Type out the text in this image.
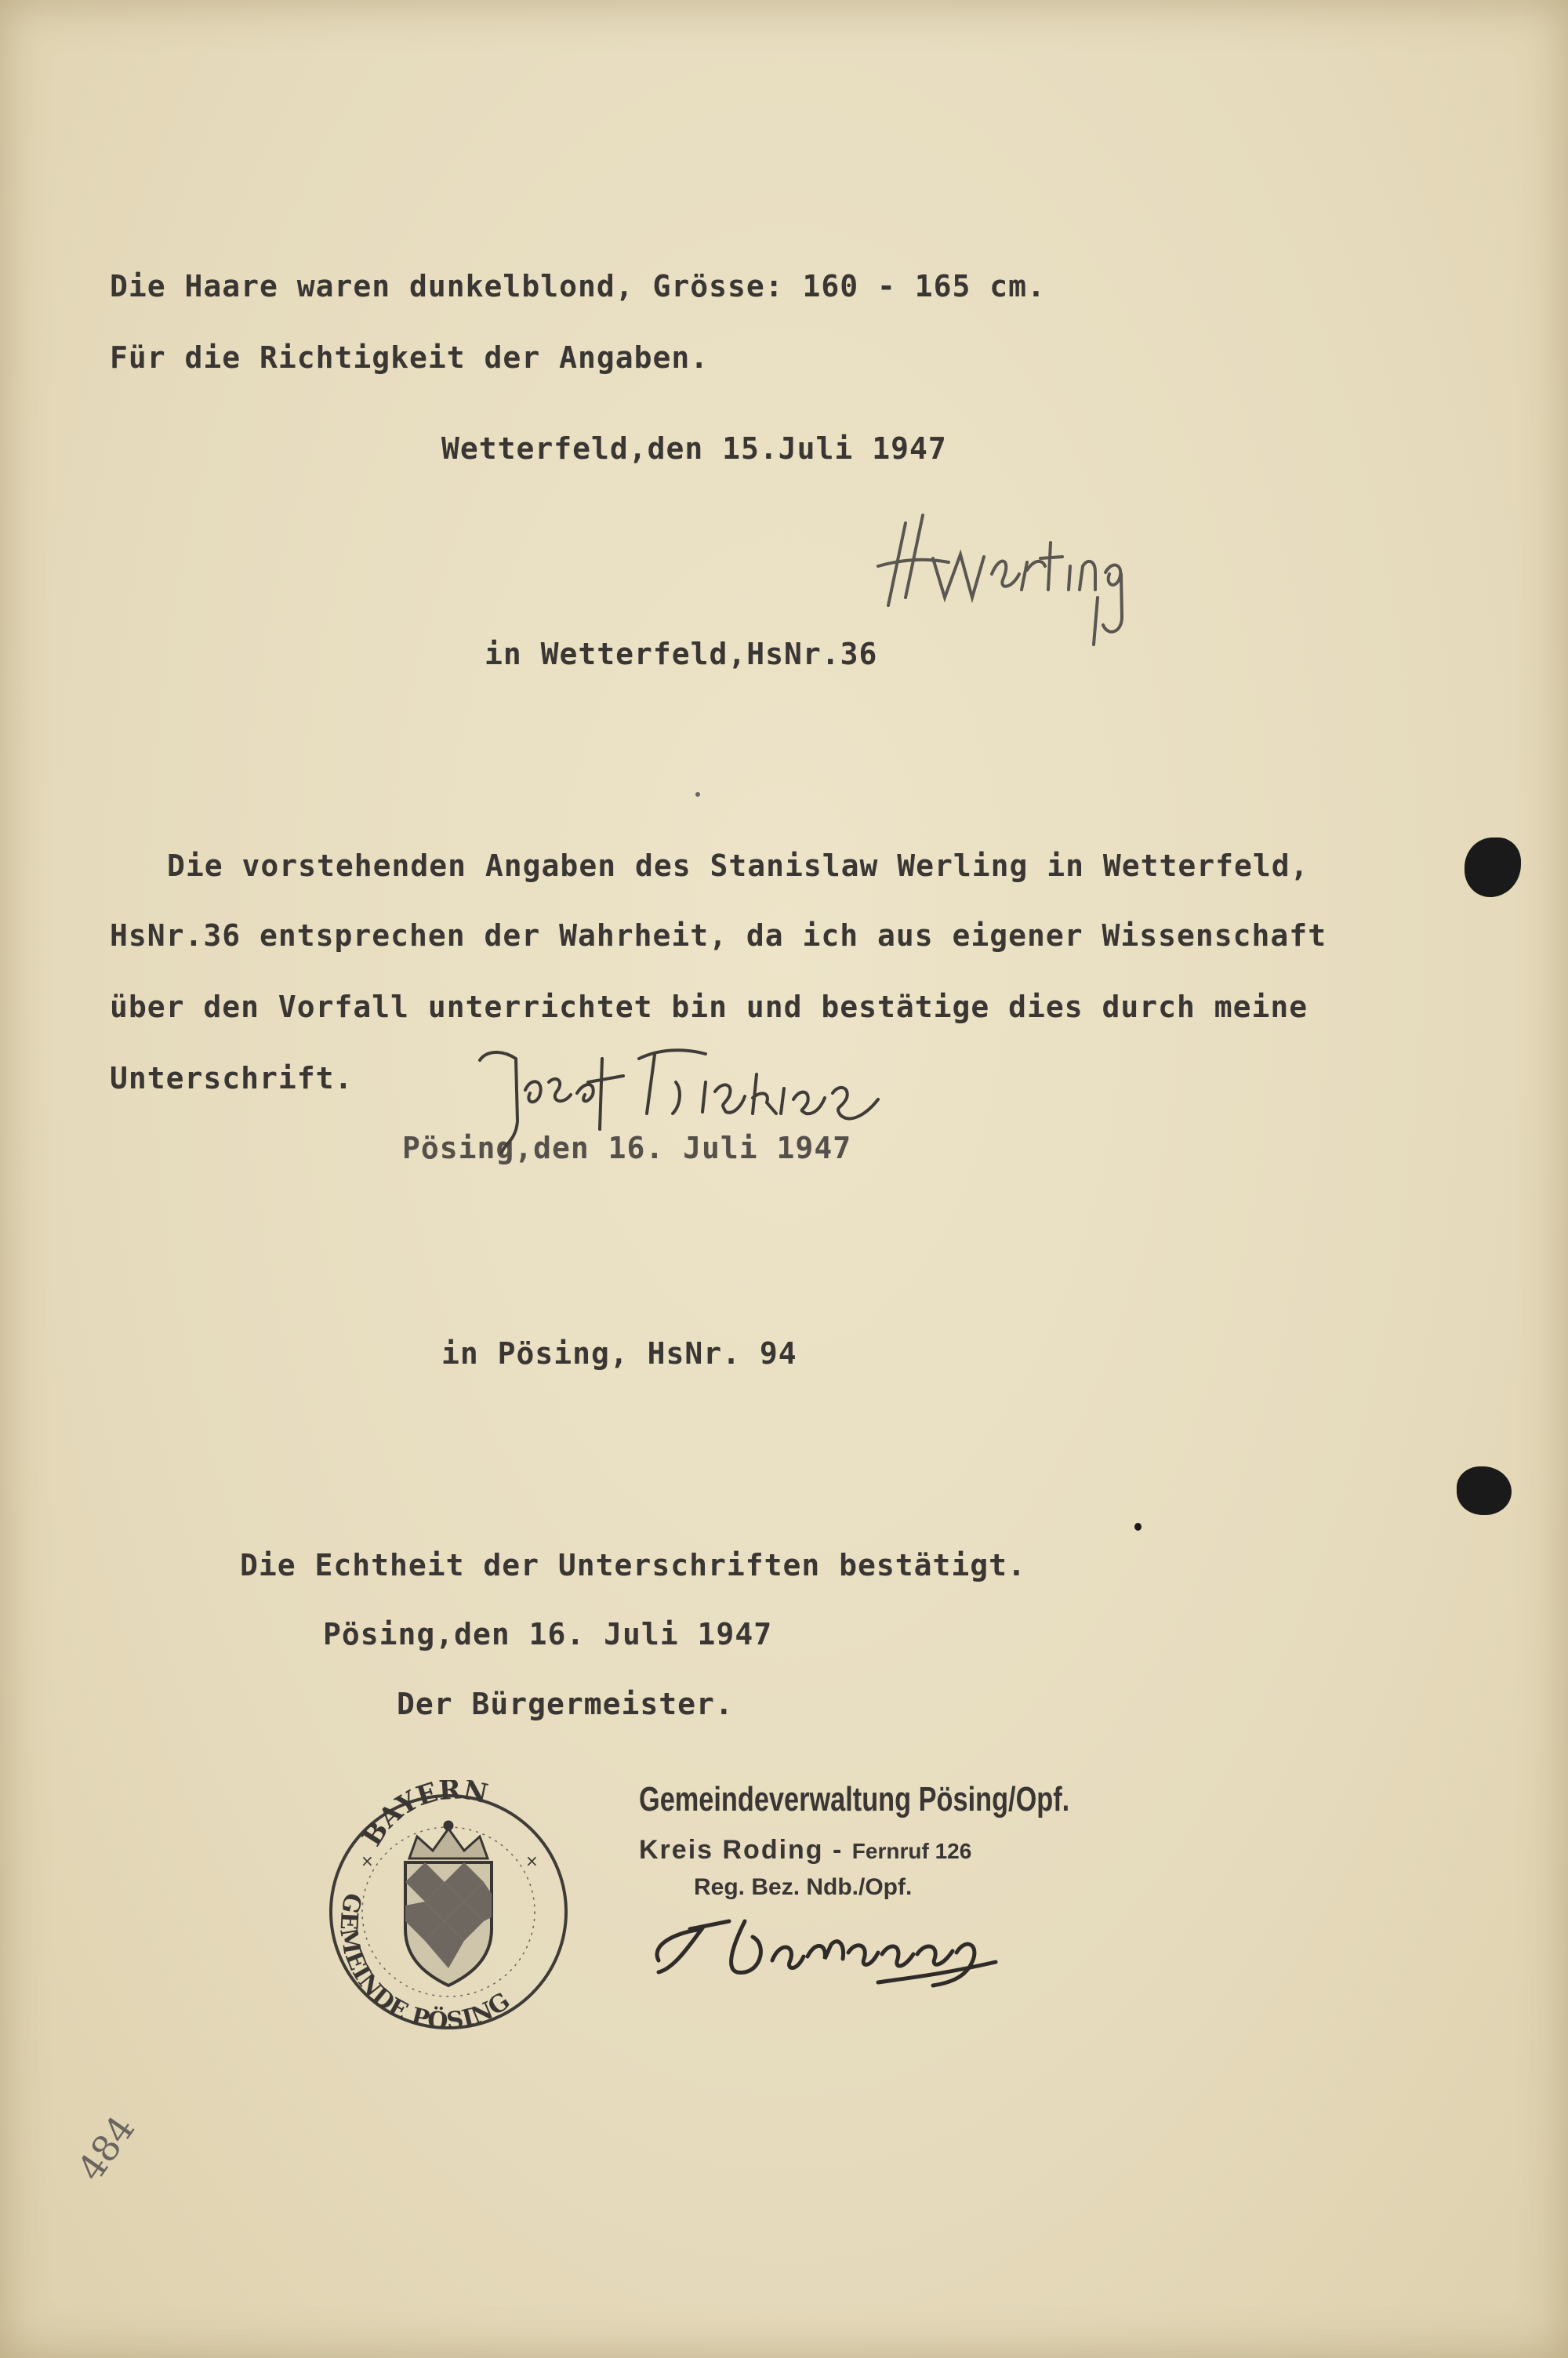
Die Haare waren dunkelblond, Grösse: 160 - 165 cm.
Für die Richtigkeit der Angaben.
Wetterfeld,den 15.Juli 1947
in Wetterfeld,HsNr.36
Die vorstehenden Angaben des Stanislaw Werling in Wetterfeld,
HsNr.36 entsprechen der Wahrheit, da ich aus eigener Wissenschaft
über den Vorfall unterrichtet bin und bestätige dies durch meine
Unterschrift.
Pösing,den 16. Juli 1947
in Pösing, HsNr. 94
Die Echtheit der Unterschriften bestätigt.
Pösing,den 16. Juli 1947
Der Bürgermeister.
BAYERN
GEMEINDE PÖSING
×	×
Gemeindeverwaltung Pösing/Opf.
Kreis Roding - Fernruf 126
Reg. Bez. Ndb./Opf.
484
